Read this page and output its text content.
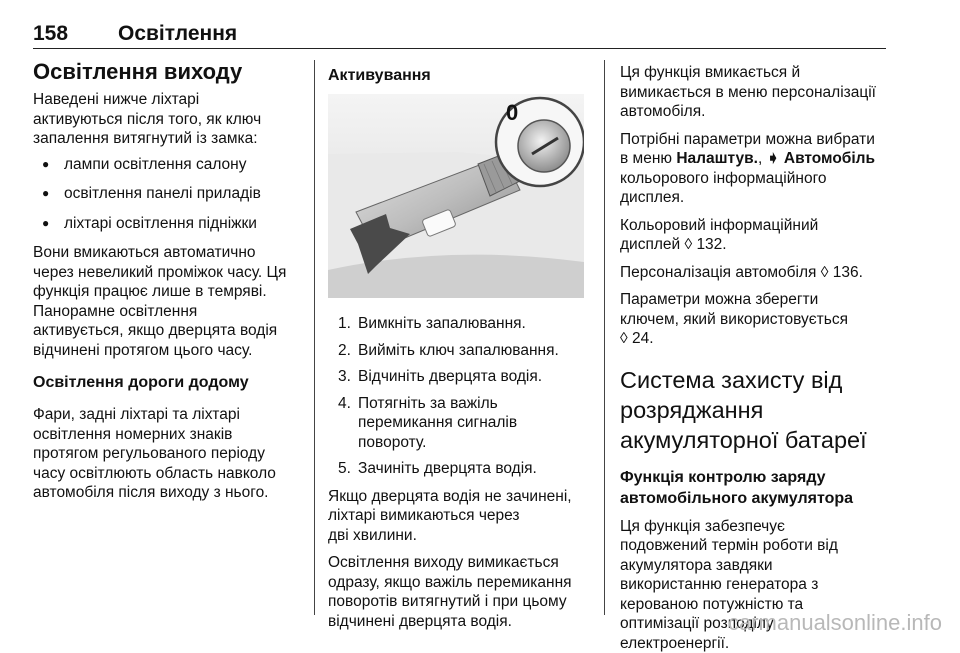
158 Освітлення
Освітлення виходу

Наведені нижче ліхтарі
активуються після того, як ключ
запалення витягнутий із замка:

● лампи освітлення салону
● освітлення панелі приладів
● ліхтарі освітлення підніжки

Вони вмикаються автоматично
через невеликий проміжок часу. Ця
функція працює лише в темряві.
Панорамне освітлення
активується, якщо дверцята водія
відчинені протягом цього часу.

Освітлення дороги додому

Фари, задні ліхтарі та ліхтарі
освітлення номерних знаків
протягом регульованого періоду
часу освітлюють область навколо
автомобіля після виходу з нього.

Активування
0
1. Вимкніть запалювання.
2. Вийміть ключ запалювання.
3. Відчиніть дверцята водія.
4. Потягніть за важіль
перемикання сигналів
повороту.
5. Зачиніть дверцята водія.

Якщо дверцята водія не зачинені,
ліхтарі вимикаються через
дві хвилини.

Освітлення виходу вимикається
одразу, якщо важіль перемикання
поворотів витягнутий і при цьому
відчинені дверцята водія.

Ця функція вмикається й
вимикається в меню персоналізації
автомобіля.

Потрібні параметри можна вибрати
в меню Налаштув., ➧ Автомобіль
кольорового інформаційного
дисплея.

Кольоровий інформаційний
дисплей ◊ 132.

Персоналізація автомобіля ◊ 136.

Параметри можна зберегти
ключем, який використовується
◊ 24.

Система захисту від
розряджання
акумуляторної батареї
Функція контролю заряду
автомобільного акумулятора

Ця функція забезпечує
подовжений термін роботи від
акумулятора завдяки
використанню генератора з
керованою потужністю та
оптимізації розподілу
електроенергії.

carmanualsonline.info
